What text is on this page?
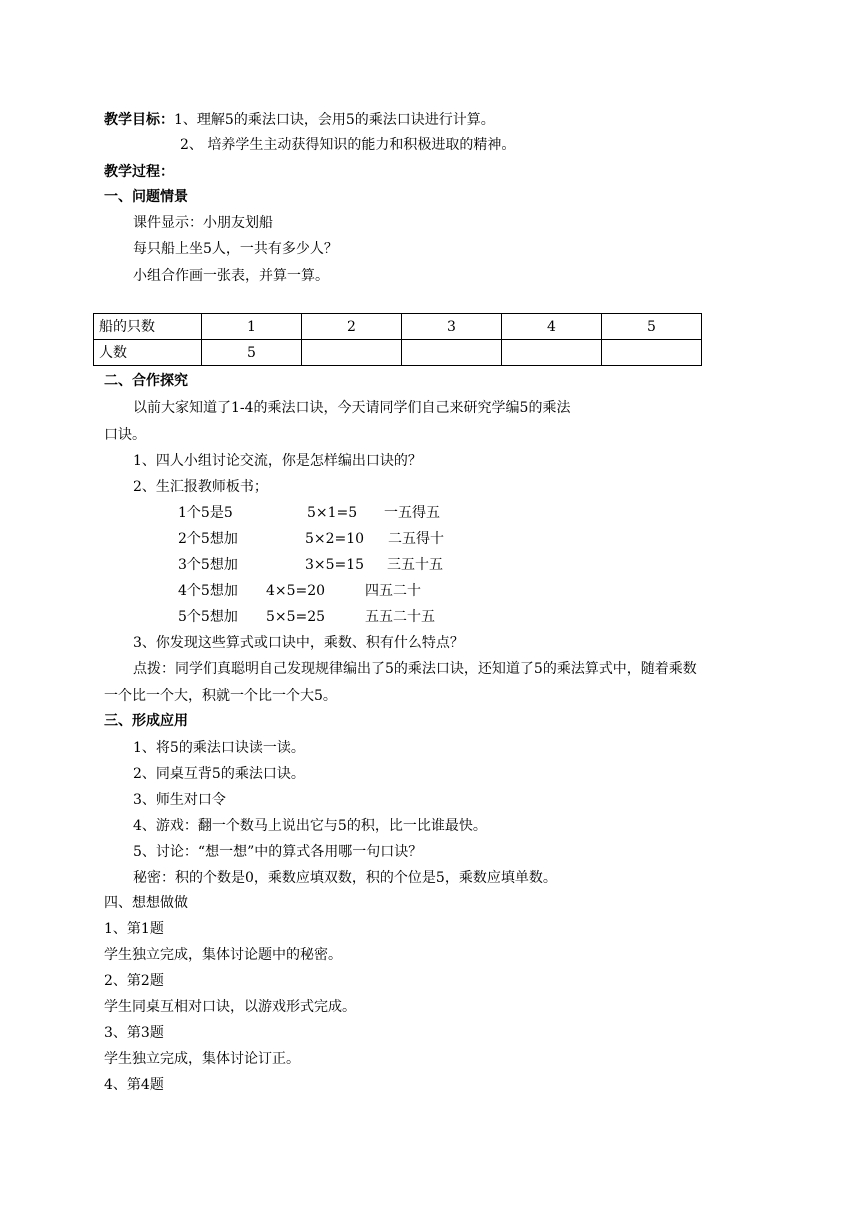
教学目标：1、理解5的乘法口诀，会用5的乘法口诀进行计算。
2、 培养学生主动获得知识的能力和积极进取的精神。
教学过程：
一、问题情景
课件显示：小朋友划船
每只船上坐5人，一共有多少人？
小组合作画一张表，并算一算。
船的只数	1	2	3	4	5
人数	5				
二、合作探究
以前大家知道了1-4的乘法口诀，今天请同学们自己来研究学编5的乘法
口诀。
1、四人小组讨论交流，你是怎样编出口诀的？
2、生汇报教师板书；
1个5是5	5×1=5 一五得五
2个5想加	5×2=10 二五得十
3个5想加	3×5=15 三五十五
4个5想加 4×5=20	四五二十
5个5想加 5×5=25	五五二十五
3、你发现这些算式或口诀中，乘数、积有什么特点？
点拨：同学们真聪明自己发现规律编出了5的乘法口诀，还知道了5的乘法算式中，随着乘数
一个比一个大，积就一个比一个大5。
三、形成应用
1、将5的乘法口诀读一读。
2、同桌互背5的乘法口诀。
3、师生对口令
4、游戏：翻一个数马上说出它与5的积，比一比谁最快。
5、讨论：“想一想”中的算式各用哪一句口诀？
秘密：积的个数是0，乘数应填双数，积的个位是5，乘数应填单数。
四、想想做做
1、第1题
学生独立完成，集体讨论题中的秘密。
2、第2题
学生同桌互相对口诀，以游戏形式完成。
3、第3题
学生独立完成，集体讨论订正。
4、第4题
